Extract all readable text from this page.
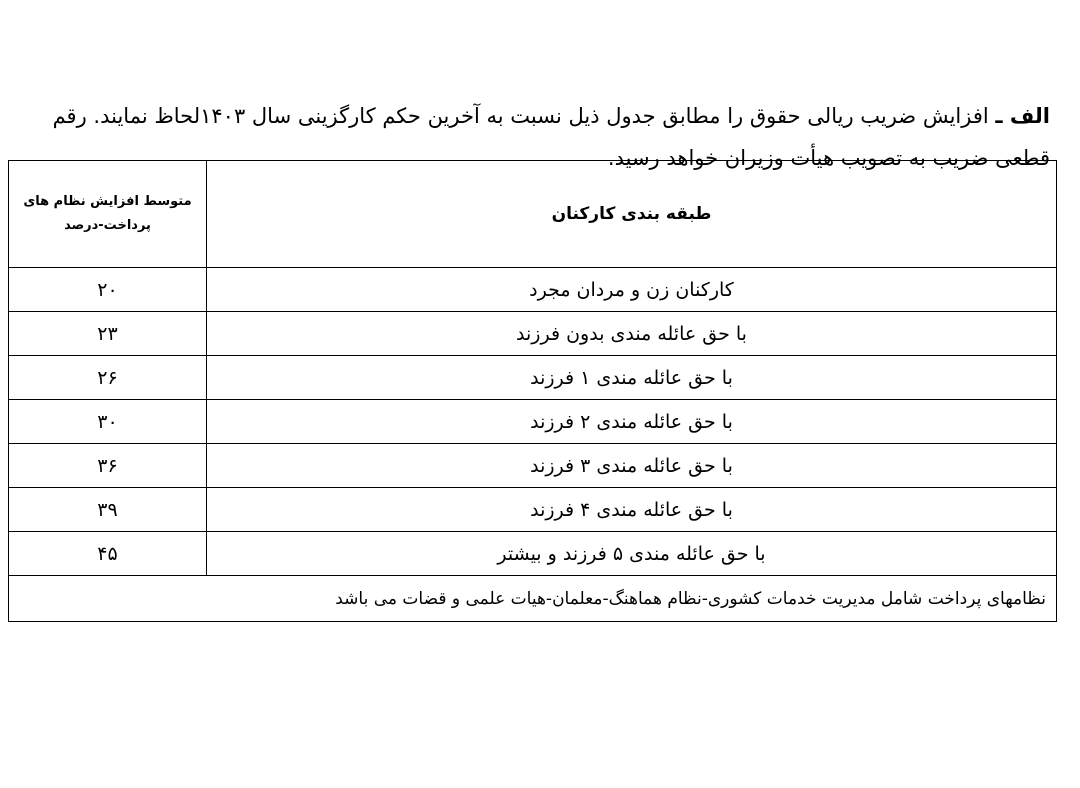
الف ـ افزایش ضریب ریالی حقوق را مطابق جدول ذیل نسبت به آخرین حکم کارگزینی سال ۱۴۰۳لحاظ نمایند. رقم قطعی ضریب به تصویب هیأت وزیران خواهد رسید.

طبقه بندی کارکنان	متوسط افزایش نظام های
پرداخت-درصد

کارکنان زن و مردان مجرد	۲۰
با حق عائله مندی بدون فرزند	۲۳
با حق عائله مندی ۱ فرزند	۲۶
با حق عائله مندی ۲ فرزند	۳۰
با حق عائله مندی ۳ فرزند	۳۶
با حق عائله مندی ۴ فرزند	۳۹
با حق عائله مندی ۵ فرزند و بیشتر	۴۵
نظامهای پرداخت شامل مدیریت خدمات کشوری-نظام هماهنگ-معلمان-هیات علمی و قضات می باشد	
